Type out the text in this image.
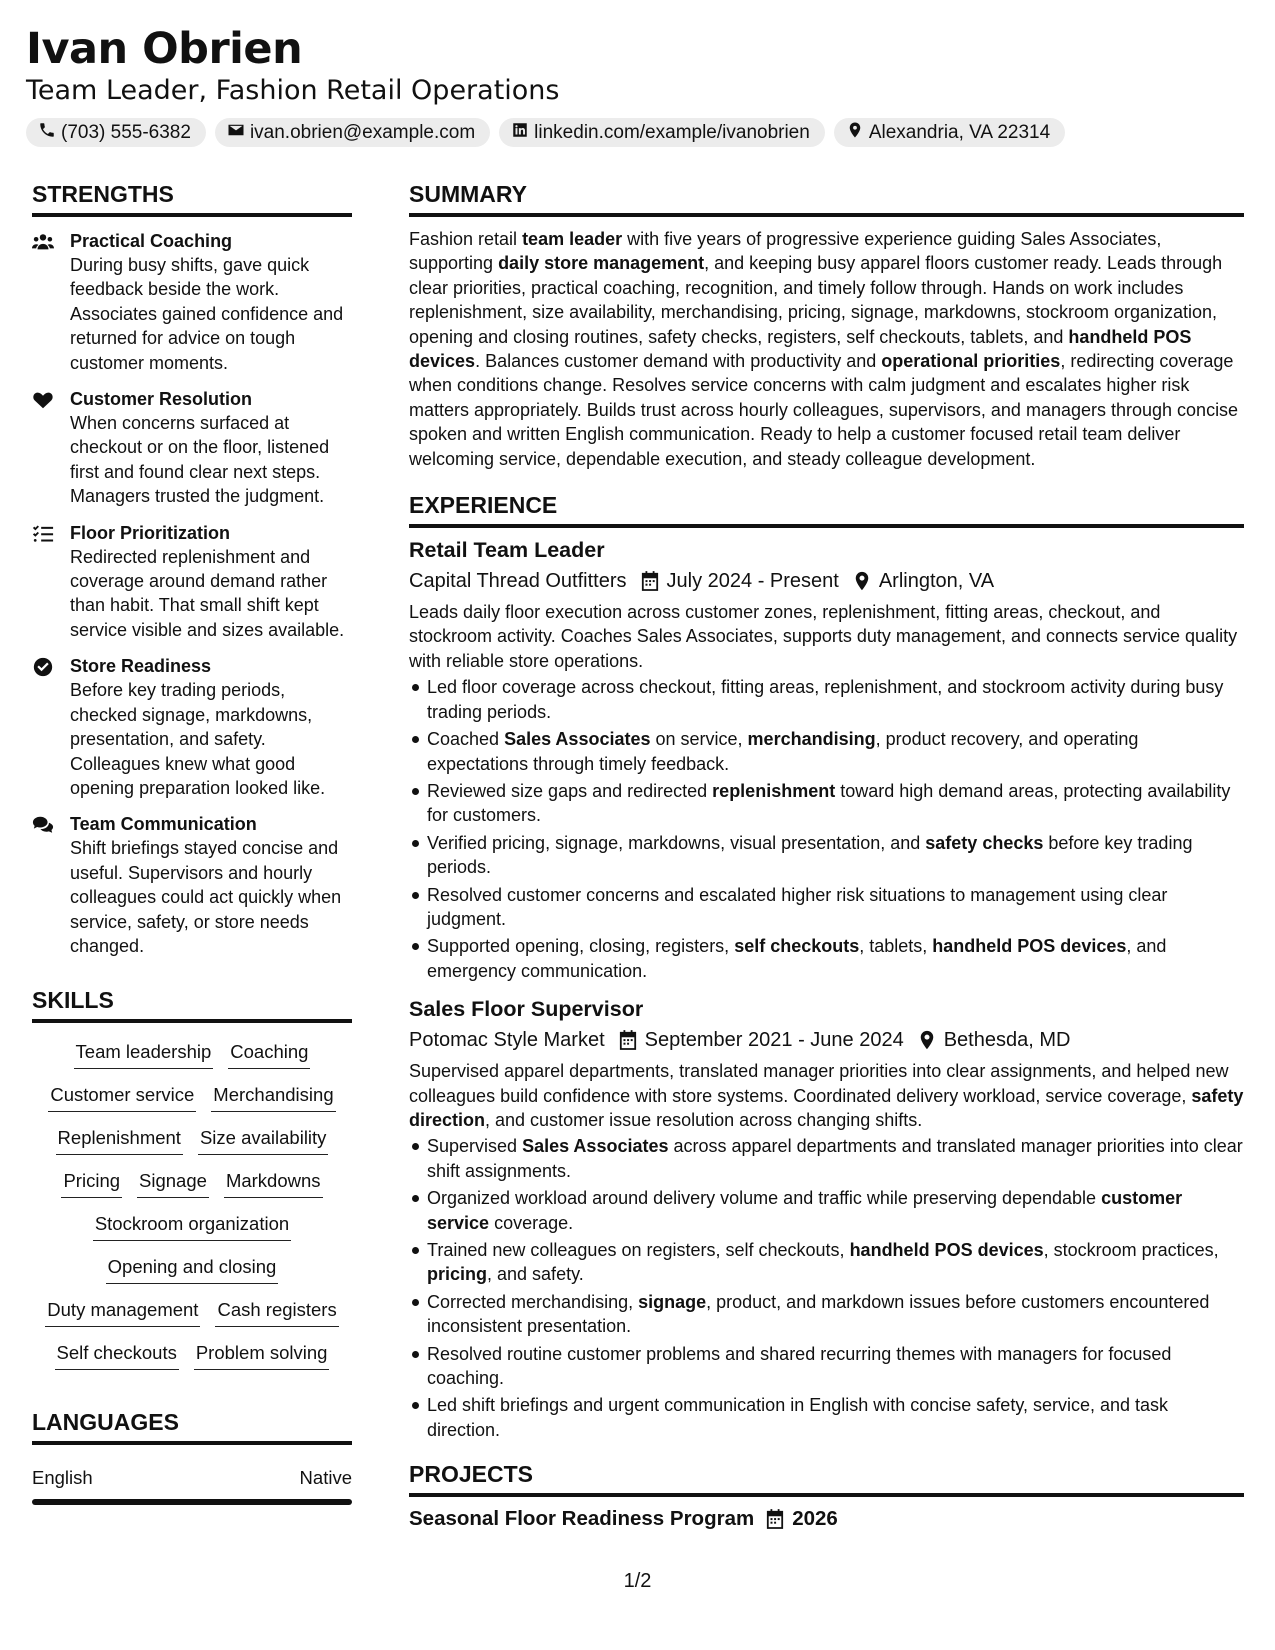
Ivan Obrien
Team Leader, Fashion Retail Operations
(703) 555-6382	ivan.obrien@example.com	linkedin.com/example/ivanobrien	Alexandria, VA 22314
STRENGTHS
Practical Coaching
During busy shifts, gave quick feedback beside the work. Associates gained confidence and returned for advice on tough customer moments.
Customer Resolution
When concerns surfaced at checkout or on the floor, listened first and found clear next steps. Managers trusted the judgment.
Floor Prioritization
Redirected replenishment and coverage around demand rather than habit. That small shift kept service visible and sizes available.
Store Readiness
Before key trading periods, checked signage, markdowns, presentation, and safety. Colleagues knew what good opening preparation looked like.
Team Communication
Shift briefings stayed concise and useful. Supervisors and hourly colleagues could act quickly when service, safety, or store needs changed.
SKILLS
Team leadership Coaching
Customer service Merchandising
Replenishment Size availability
Pricing Signage Markdowns
Stockroom organization
Opening and closing
Duty management Cash registers
Self checkouts Problem solving
LANGUAGES
English	Native
SUMMARY

Fashion retail team leader with five years of progressive experience guiding Sales Associates, supporting daily store management, and keeping busy apparel floors customer ready. Leads through clear priorities, practical coaching, recognition, and timely follow through. Hands on work includes replenishment, size availability, merchandising, pricing, signage, markdowns, stockroom organization, opening and closing routines, safety checks, registers, self checkouts, tablets, and handheld POS devices. Balances customer demand with productivity and operational priorities, redirecting coverage when conditions change. Resolves service concerns with calm judgment and escalates higher risk matters appropriately. Builds trust across hourly colleagues, supervisors, and managers through concise spoken and written English communication. Ready to help a customer focused retail team deliver welcoming service, dependable execution, and steady colleague development.

EXPERIENCE
Retail Team Leader
Capital Thread Outfitters July 2024 - Present Arlington, VA

Leads daily floor execution across customer zones, replenishment, fitting areas, checkout, and stockroom activity. Coaches Sales Associates, supports duty management, and connects service quality with reliable store operations.

Led floor coverage across checkout, fitting areas, replenishment, and stockroom activity during busy trading periods.
Coached Sales Associates on service, merchandising, product recovery, and operating expectations through timely feedback.
Reviewed size gaps and redirected replenishment toward high demand areas, protecting availability for customers.
Verified pricing, signage, markdowns, visual presentation, and safety checks before key trading periods.
Resolved customer concerns and escalated higher risk situations to management using clear judgment.
Supported opening, closing, registers, self checkouts, tablets, handheld POS devices, and emergency communication.
Sales Floor Supervisor
Potomac Style Market September 2021 - June 2024 Bethesda, MD

Supervised apparel departments, translated manager priorities into clear assignments, and helped new colleagues build confidence with store systems. Coordinated delivery workload, service coverage, safety direction, and customer issue resolution across changing shifts.

Supervised Sales Associates across apparel departments and translated manager priorities into clear shift assignments.
Organized workload around delivery volume and traffic while preserving dependable customer service coverage.
Trained new colleagues on registers, self checkouts, handheld POS devices, stockroom practices, pricing, and safety.
Corrected merchandising, signage, product, and markdown issues before customers encountered inconsistent presentation.
Resolved routine customer problems and shared recurring themes with managers for focused coaching.
Led shift briefings and urgent communication in English with concise safety, service, and task direction.
PROJECTS
Seasonal Floor Readiness Program 2026
1/2
